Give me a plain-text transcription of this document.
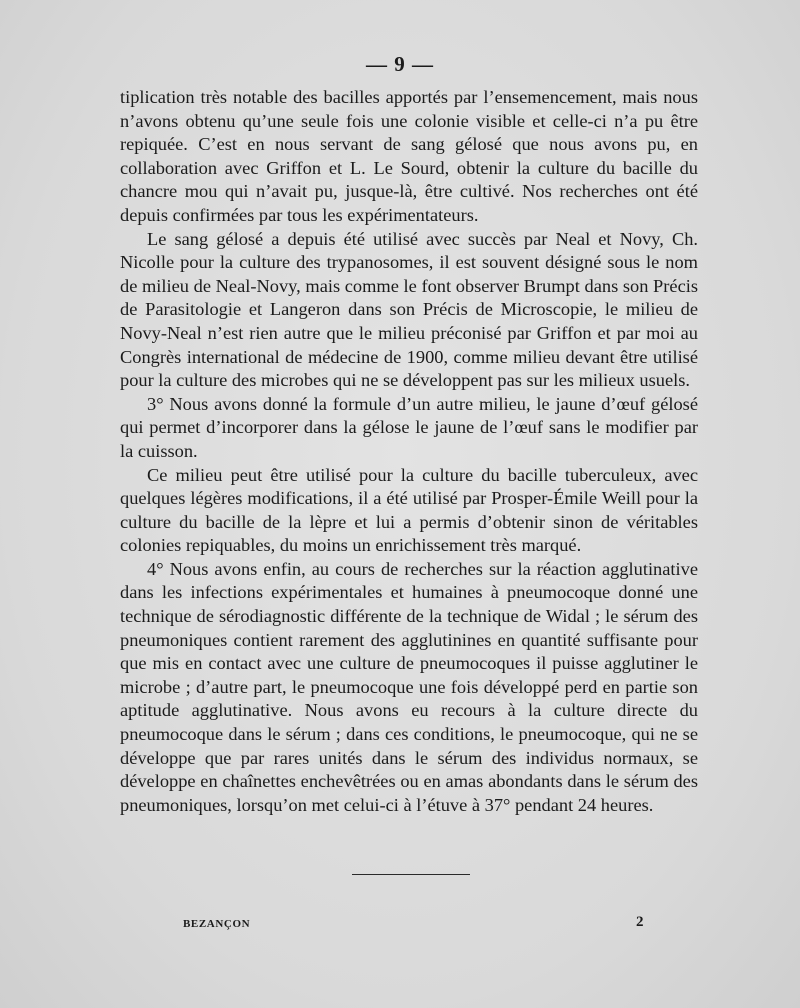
— 9 —

tiplication très notable des bacilles apportés par l’ensemencement, mais nous n’avons obtenu qu’une seule fois une colonie visible et celle-ci n’a pu être repiquée. C’est en nous servant de sang gélosé que nous avons pu, en collaboration avec Griffon et L. Le Sourd, obtenir la culture du bacille du chancre mou qui n’avait pu, jusque-là, être cultivé. Nos recherches ont été depuis confirmées par tous les expérimentateurs.

Le sang gélosé a depuis été utilisé avec succès par Neal et Novy, Ch. Nicolle pour la culture des trypanosomes, il est souvent désigné sous le nom de milieu de Neal-Novy, mais comme le font observer Brumpt dans son Précis de Parasitologie et Langeron dans son Précis de Microscopie, le milieu de Novy-Neal n’est rien autre que le milieu préconisé par Griffon et par moi au Congrès international de médecine de 1900, comme milieu devant être utilisé pour la culture des microbes qui ne se développent pas sur les milieux usuels.

3° Nous avons donné la formule d’un autre milieu, le jaune d’œuf gélosé qui permet d’incorporer dans la gélose le jaune de l’œuf sans le modifier par la cuisson.

Ce milieu peut être utilisé pour la culture du bacille tuberculeux, avec quelques légères modifications, il a été utilisé par Prosper-Émile Weill pour la culture du bacille de la lèpre et lui a permis d’obtenir sinon de véritables colonies repiquables, du moins un enrichissement très marqué.

4° Nous avons enfin, au cours de recherches sur la réaction agglutinative dans les infections expérimentales et humaines à pneumocoque donné une technique de sérodiagnostic différente de la technique de Widal ; le sérum des pneumoniques contient rarement des agglutinines en quantité suffisante pour que mis en contact avec une culture de pneumocoques il puisse agglutiner le microbe ; d’autre part, le pneumocoque une fois développé perd en partie son aptitude agglutinative. Nous avons eu recours à la culture directe du pneumocoque dans le sérum ; dans ces conditions, le pneumocoque, qui ne se développe que par rares unités dans le sérum des individus normaux, se développe en chaînettes enchevêtrées ou en amas abondants dans le sérum des pneumoniques, lorsqu’on met celui-ci à l’étuve à 37° pendant 24 heures.

BEZANÇON	2
